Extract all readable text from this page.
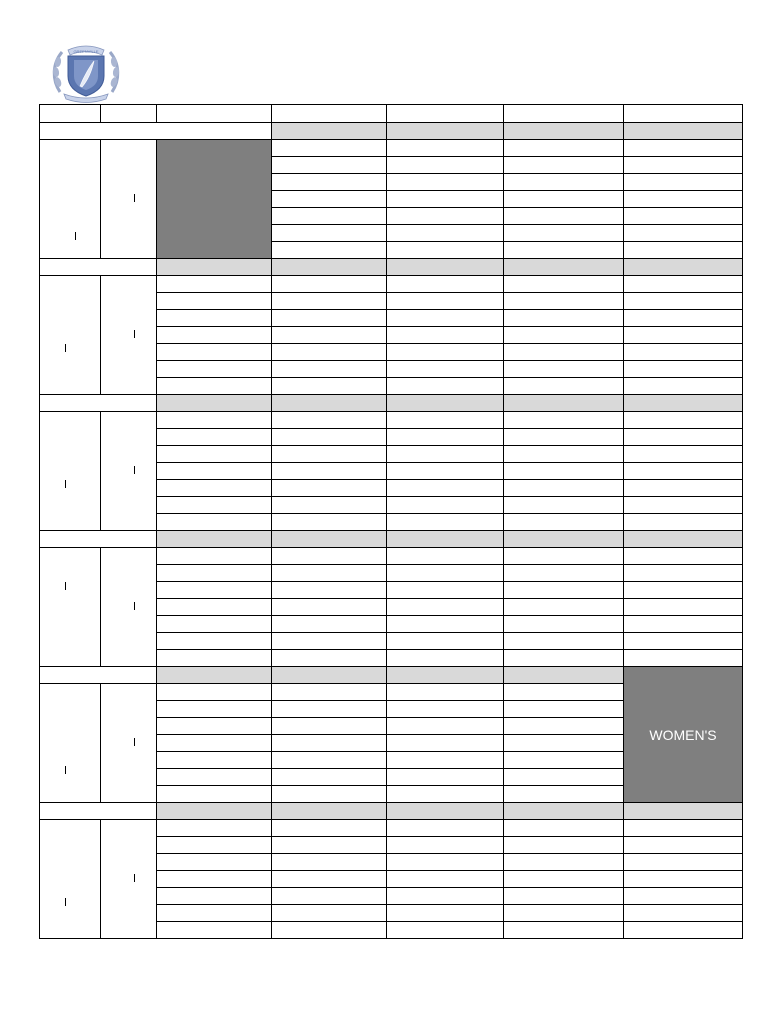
GREENVILLE

WOMEN'S
